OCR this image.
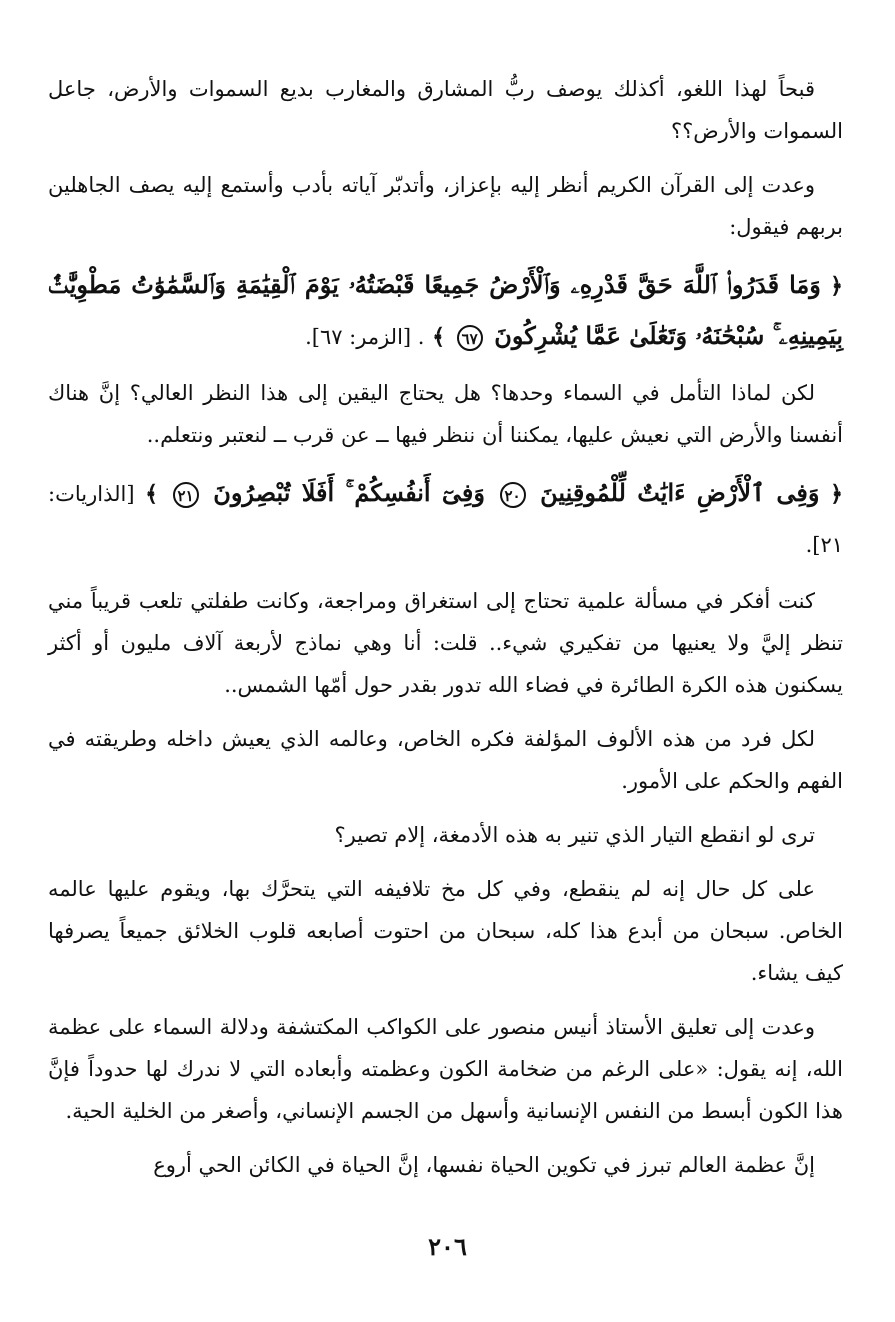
قبحاً لهذا اللغو، أكذلك يوصف ربُّ المشارق والمغارب بديع السموات والأرض، جاعل السموات والأرض؟؟

وعدت إلى القرآن الكريم أنظر إليه بإعزاز، وأتدبّر آياته بأدب وأستمع إليه يصف الجاهلين بربهم فيقول:

﴿ وَمَا قَدَرُوا۟ ٱللَّهَ حَقَّ قَدْرِهِۦ وَٱلْأَرْضُ جَمِيعًا قَبْضَتُهُۥ يَوْمَ ٱلْقِيَٰمَةِ وَٱلسَّمَٰوَٰتُ مَطْوِيَّٰتٌۢ بِيَمِينِهِۦ ۚ سُبْحَٰنَهُۥ وَتَعَٰلَىٰ عَمَّا يُشْرِكُونَ ٦٧ ﴾ . [الزمر: ٦٧].

لكن لماذا التأمل في السماء وحدها؟ هل يحتاج اليقين إلى هذا النظر العالي؟ إنَّ هناك أنفسنا والأرض التي نعيش عليها، يمكننا أن ننظر فيها ــ عن قرب ــ لنعتبر ونتعلم..

﴿ وَفِى ٱلْأَرْضِ ءَايَٰتٌ لِّلْمُوقِنِينَ ٢٠ وَفِىٓ أَنفُسِكُمْ ۚ أَفَلَا تُبْصِرُونَ ٢١ ﴾ [الذاريات: ٢١].

كنت أفكر في مسألة علمية تحتاج إلى استغراق ومراجعة، وكانت طفلتي تلعب قريباً مني تنظر إليَّ ولا يعنيها من تفكيري شيء.. قلت: أنا وهي نماذج لأربعة آلاف مليون أو أكثر يسكنون هذه الكرة الطائرة في فضاء الله تدور بقدر حول أمّها الشمس..

لكل فرد من هذه الألوف المؤلفة فكره الخاص، وعالمه الذي يعيش داخله وطريقته في الفهم والحكم على الأمور.

ترى لو انقطع التيار الذي تنير به هذه الأدمغة، إلام تصير؟

على كل حال إنه لم ينقطع، وفي كل مخ تلافيفه التي يتحرَّك بها، ويقوم عليها عالمه الخاص. سبحان من أبدع هذا كله، سبحان من احتوت أصابعه قلوب الخلائق جميعاً يصرفها كيف يشاء.

وعدت إلى تعليق الأستاذ أنيس منصور على الكواكب المكتشفة ودلالة السماء على عظمة الله، إنه يقول: «على الرغم من ضخامة الكون وعظمته وأبعاده التي لا ندرك لها حدوداً فإنَّ هذا الكون أبسط من النفس الإنسانية وأسهل من الجسم الإنساني، وأصغر من الخلية الحية.

إنَّ عظمة العالم تبرز في تكوين الحياة نفسها، إنَّ الحياة في الكائن الحي أروع

٢٠٦
